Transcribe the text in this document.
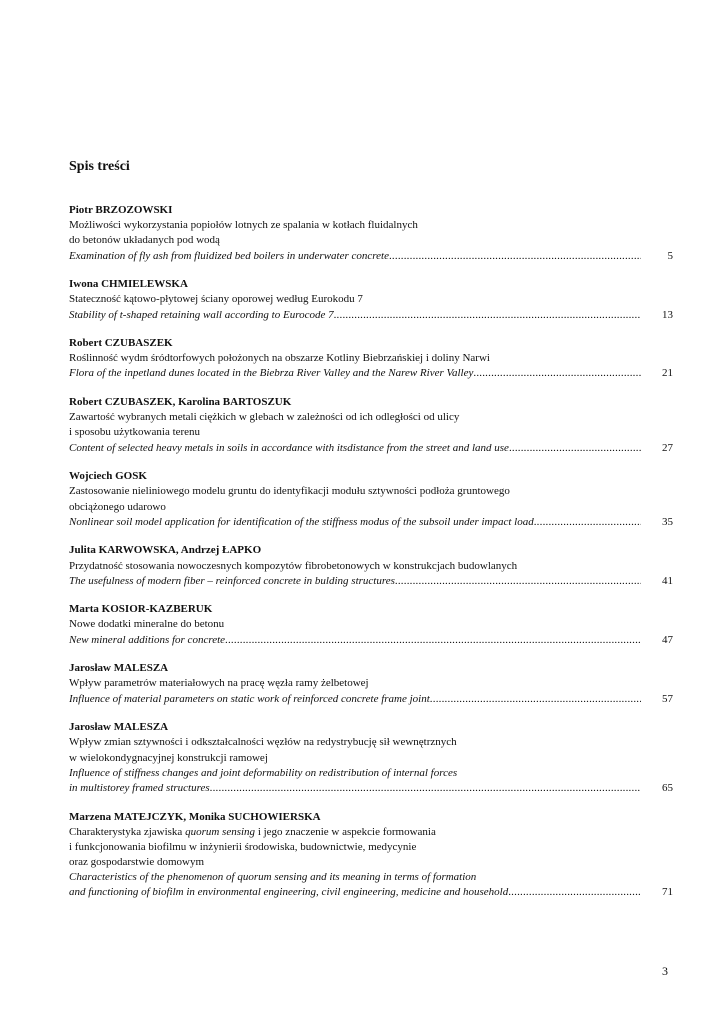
Spis treści
Piotr BRZOZOWSKI
Możliwości wykorzystania popiołów lotnych ze spalania w kotłach fluidalnych
do betonów układanych pod wodą
Examination of fly ash from fluidized bed boilers in underwater concrete .....	5
Iwona CHMIELEWSKA
Stateczność kątowo-płytowej ściany oporowej według Eurokodu 7
Stability of t-shaped retaining wall according to Eurocode 7 .....	13
Robert CZUBASZEK
Roślinność wydm śródtorfowych położonych na obszarze Kotliny Biebrzańskiej i doliny Narwi
Flora of the inpetland dunes located in the Biebrza River Valley and the Narew River Valley .....	21
Robert CZUBASZEK, Karolina BARTOSZUK
Zawartość wybranych metali ciężkich w glebach w zależności od ich odległości od ulicy
i sposobu użytkowania terenu
Content of selected heavy metals in soils in accordance with itsdistance from the street and land use .....	27
Wojciech GOSK
Zastosowanie nieliniowego modelu gruntu do identyfikacji modułu sztywności podłoża gruntowego
obciążonego udarowo
Nonlinear soil model application for identification of the stiffness modus of the subsoil under impact load .....	35
Julita KARWOWSKA, Andrzej ŁAPKO
Przydatność stosowania nowoczesnych kompozytów fibrobetonowych w konstrukcjach budowlanych
The usefulness of modern fiber – reinforced concrete in bulding structures .....	41
Marta KOSIOR-KAZBERUK
Nowe dodatki mineralne do betonu
New mineral additions for concrete .....	47
Jarosław MALESZA
Wpływ parametrów materiałowych na pracę węzła ramy żelbetowej
Influence of material parameters on static work of reinforced concrete frame joint .....	57
Jarosław MALESZA
Wpływ zmian sztywności i odkształcalności węzłów na redystrybucję sił wewnętrznych
w wielokondygnacyjnej konstrukcji ramowej
Influence of stiffness changes and joint deformability on redistribution of internal forces
in multistorey framed structures .....	65
Marzena MATEJCZYK, Monika SUCHOWIERSKA
Charakterystyka zjawiska quorum sensing i jego znaczenie w aspekcie formowania
i funkcjonowania biofilmu w inżynierii środowiska, budownictwie, medycynie
oraz gospodarstwie domowym
Characteristics of the phenomenon of quorum sensing and its meaning in terms of formation
and functioning of biofilm in environmental engineering, civil engineering, medicine and household .....	71
3
